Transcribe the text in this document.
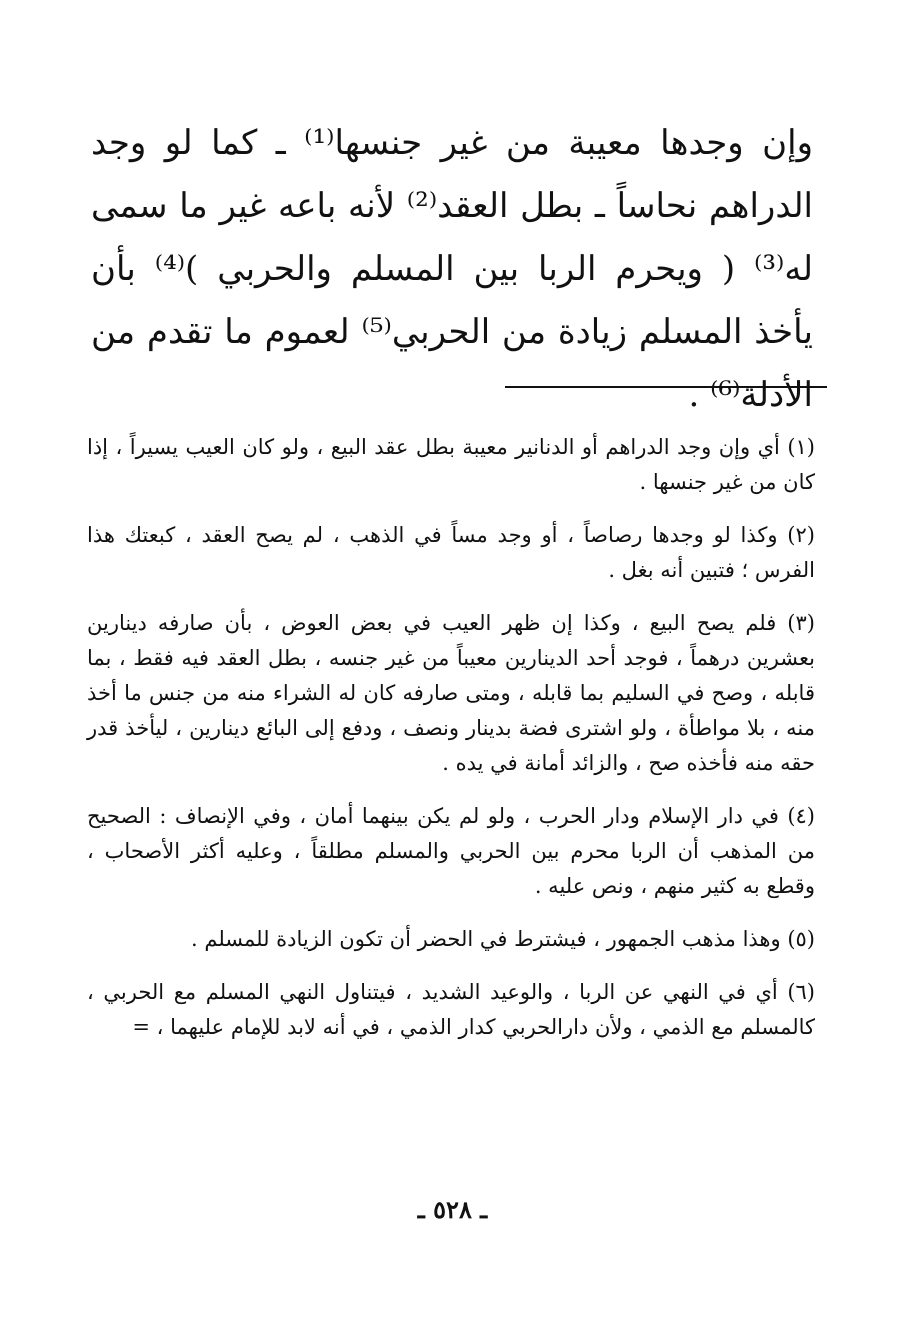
وإن وجدها معيبة من غير جنسها⁽¹⁾ ـ كما لو وجد الدراهم نحاساً ـ بطل العقد⁽²⁾ لأنه باعه غير ما سمى له⁽³⁾ ( ويحرم الربا بين المسلم والحربي )⁽⁴⁾ بأن يأخذ المسلم زيادة من الحربي⁽⁵⁾ لعموم ما تقدم من الأدلة⁽⁶⁾ .

(١) أي وإن وجد الدراهم أو الدنانير معيبة بطل عقد البيع ، ولو كان العيب يسيراً ، إذا كان من غير جنسها .

(٢) وكذا لو وجدها رصاصاً ، أو وجد مساً في الذهب ، لم يصح العقد ، كبعتك هذا الفرس ؛ فتبين أنه بغل .

(٣) فلم يصح البيع ، وكذا إن ظهر العيب في بعض العوض ، بأن صارفه دينارين بعشرين درهماً ، فوجد أحد الدينارين معيباً من غير جنسه ، بطل العقد فيه فقط ، بما قابله ، وصح في السليم بما قابله ، ومتى صارفه كان له الشراء منه من جنس ما أخذ منه ، بلا مواطأة ، ولو اشترى فضة بدينار ونصف ، ودفع إلى البائع دينارين ، ليأخذ قدر حقه منه فأخذه صح ، والزائد أمانة في يده .

(٤) في دار الإسلام ودار الحرب ، ولو لم يكن بينهما أمان ، وفي الإنصاف : الصحيح من المذهب أن الربا محرم بين الحربي والمسلم مطلقاً ، وعليه أكثر الأصحاب ، وقطع به كثير منهم ، ونص عليه .

(٥) وهذا مذهب الجمهور ، فيشترط في الحضر أن تكون الزيادة للمسلم .

(٦) أي في النهي عن الربا ، والوعيد الشديد ، فيتناول النهي المسلم مع الحربي ، كالمسلم مع الذمي ، ولأن دارالحربي كدار الذمي ، في أنه لابد للإمام عليهما ، =

ـ ٥٢٨ ـ
